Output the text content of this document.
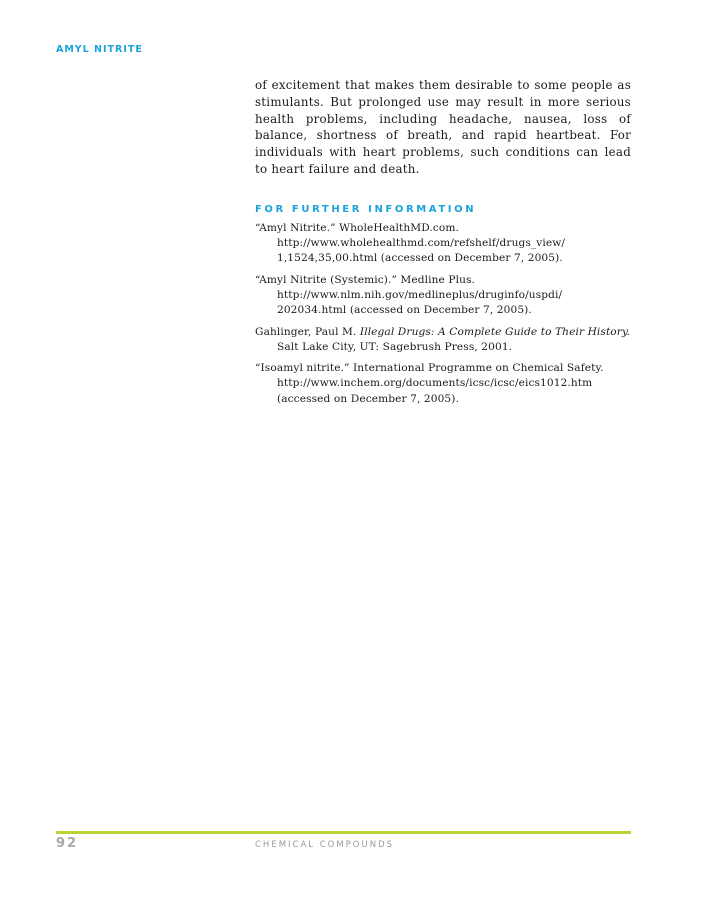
AMYL NITRITE

of excitement that makes them desirable to some people as stimulants. But prolonged use may result in more serious health problems, including headache, nausea, loss of balance, shortness of breath, and rapid heartbeat. For individuals with heart problems, such conditions can lead to heart failure and death.

FOR FURTHER INFORMATION
“Amyl Nitrite.” WholeHealthMD.com.
http://www.wholehealthmd.com/refshelf/drugs_view/ 1,1524,35,00.html (accessed on December 7, 2005).
“Amyl Nitrite (Systemic).” Medline Plus.
http://www.nlm.nih.gov/medlineplus/druginfo/uspdi/ 202034.html (accessed on December 7, 2005).
Gahlinger, Paul M. Illegal Drugs: A Complete Guide to Their History. Salt Lake City, UT: Sagebrush Press, 2001.
“Isoamyl nitrite.” International Programme on Chemical Safety.
http://www.inchem.org/documents/icsc/icsc/eics1012.htm
(accessed on December 7, 2005).
92	CHEMICAL COMPOUNDS
